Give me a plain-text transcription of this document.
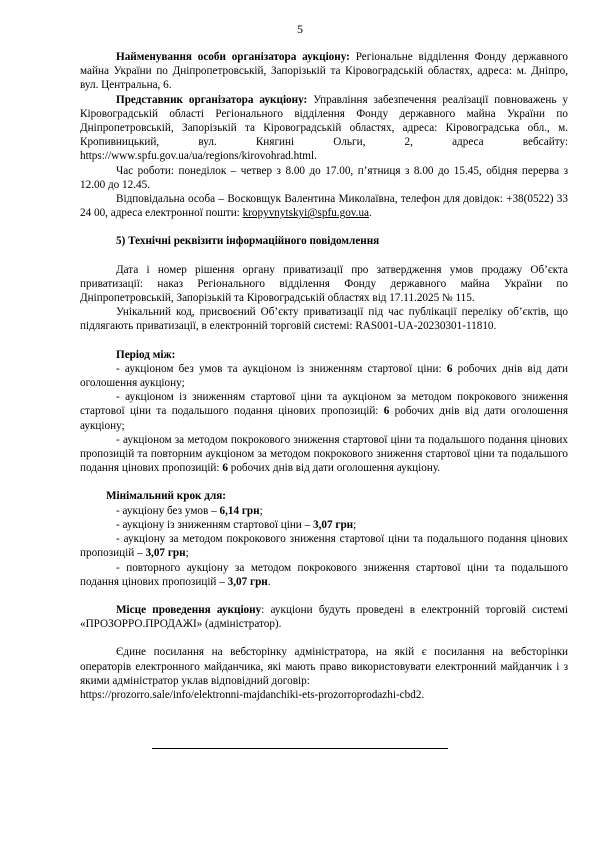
5

Найменування особи організатора аукціону: Регіональне відділення Фонду державного майна України по Дніпропетровській, Запорізькій та Кіровоградській областях, адреса: м. Дніпро, вул. Центральна, 6.

Представник організатора аукціону: Управління забезпечення реалізації повноважень у Кіровоградській області Регіонального відділення Фонду державного майна України по Дніпропетровській, Запорізькій та Кіровоградській областях, адреса: Кіровоградська обл., м. Кропивницький, вул. Княгині Ольги, 2, адреса вебсайту: https://www.spfu.gov.ua/ua/regions/kirovohrad.html.

Час роботи: понеділок – четвер з 8.00 до 17.00, п’ятниця з 8.00 до 15.45, обідня перерва з 12.00 до 12.45.

Відповідальна особа – Восковщук Валентина Миколаївна, телефон для довідок: +38(0522) 33 24 00, адреса електронної пошти: kropyvnytskyi@spfu.gov.ua.

5) Технічні реквізити інформаційного повідомлення

Дата і номер рішення органу приватизації про затвердження умов продажу Об’єкта приватизації: наказ Регіонального відділення Фонду державного майна України по Дніпропетровській, Запорізькій та Кіровоградській областях від 17.11.2025 № 115.

Унікальний код, присвоєний Об’єкту приватизації під час публікації переліку об’єктів, що підлягають приватизації, в електронній торговій системі: RAS001-UA-20230301-11810.

Період між:

- аукціоном без умов та аукціоном із зниженням стартової ціни: 6 робочих днів від дати оголошення аукціону;

- аукціоном із зниженням стартової ціни та аукціоном за методом покрокового зниження стартової ціни та подальшого подання цінових пропозицій: 6 робочих днів від дати оголошення аукціону;

- аукціоном за методом покрокового зниження стартової ціни та подальшого подання цінових пропозицій та повторним аукціоном за методом покрокового зниження стартової ціни та подальшого подання цінових пропозицій: 6 робочих днів від дати оголошення аукціону.

Мінімальний крок для:

- аукціону без умов – 6,14 грн;

- аукціону із зниженням стартової ціни – 3,07 грн;

- аукціону за методом покрокового зниження стартової ціни та подальшого подання цінових пропозицій – 3,07 грн;

- повторного аукціону за методом покрокового зниження стартової ціни та подальшого подання цінових пропозицій – 3,07 грн.

Місце проведення аукціону: аукціони будуть проведені в електронній торговій системі «ПРОЗОРРО.ПРОДАЖІ» (адміністратор).

Єдине посилання на вебсторінку адміністратора, на якій є посилання на вебсторінки операторів електронного майданчика, які мають право використовувати електронний майданчик і з якими адміністратор уклав відповідний договір:

https://prozorro.sale/info/elektronni-majdanchiki-ets-prozorroprodazhi-cbd2.
